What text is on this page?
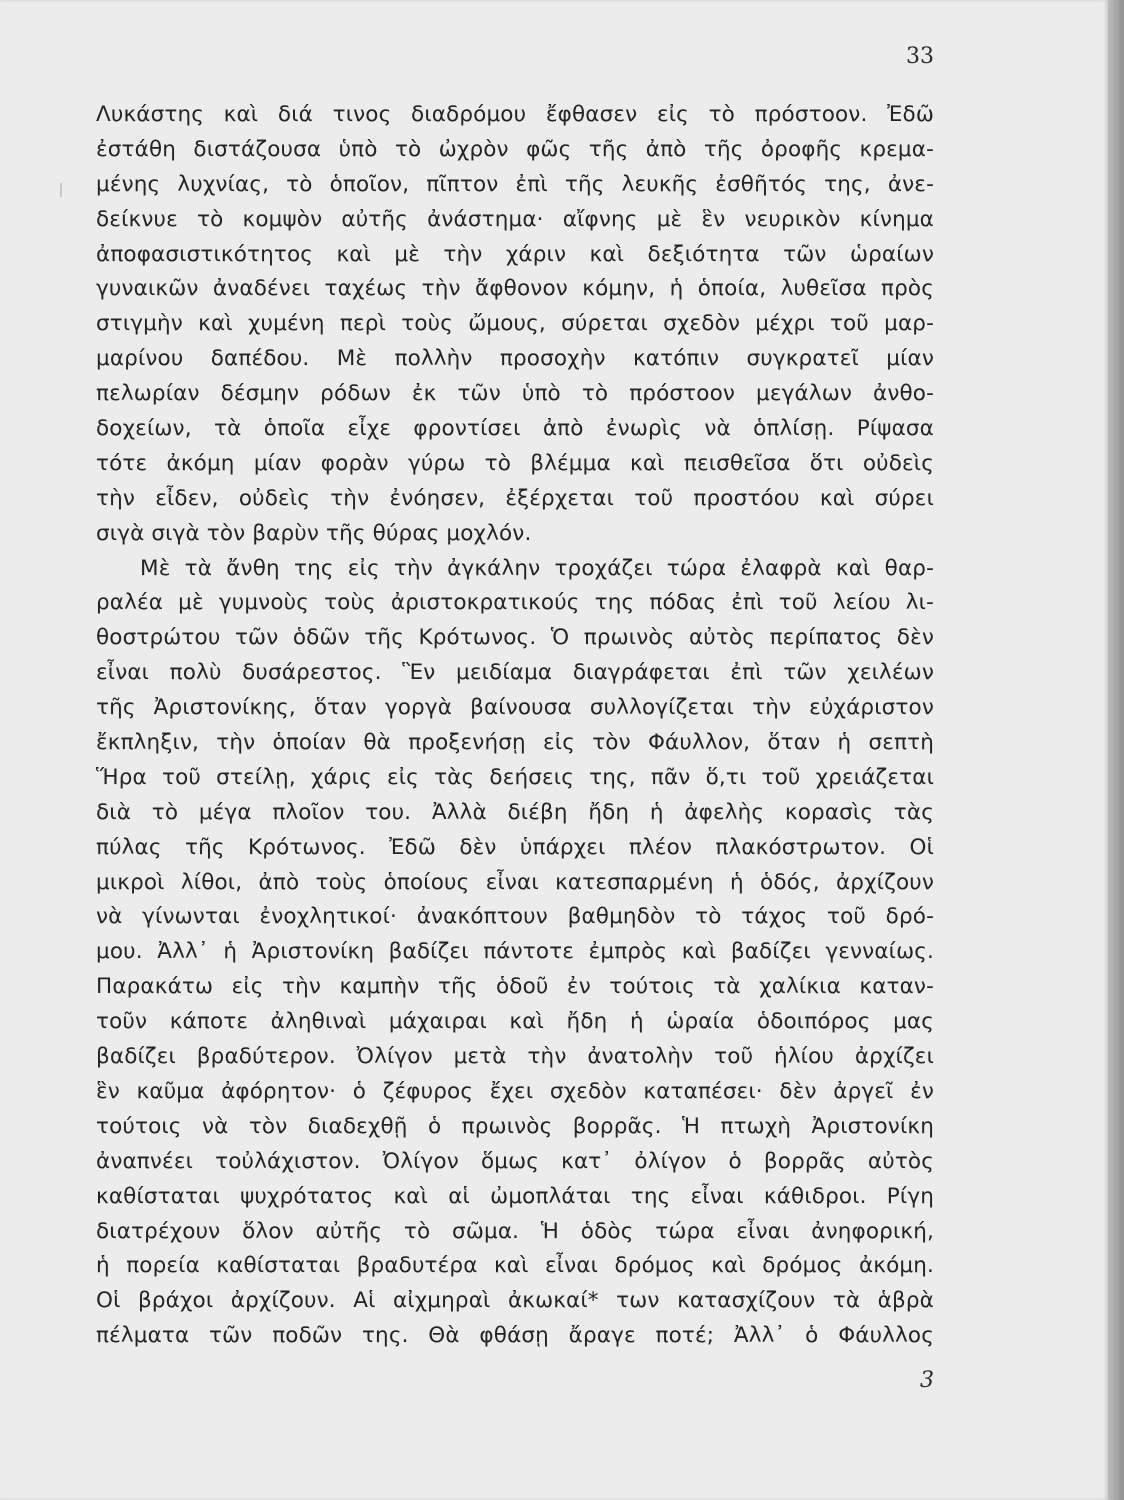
33
Λυκάστης καὶ διά τινος διαδρόμου ἔφθασεν εἰς τὸ πρόστοον. Ἐδῶ
ἐστάθη διστάζουσα ὑπὸ τὸ ὠχρὸν φῶς τῆς ἀπὸ τῆς ὀροφῆς κρεμα-
μένης λυχνίας, τὸ ὁποῖον, πῖπτον ἐπὶ τῆς λευκῆς ἐσθῆτός της, ἀνε-
δείκνυε τὸ κομψὸν αὐτῆς ἀνάστημα· αἴφνης μὲ ἓν νευρικὸν κίνημα
ἀποφασιστικότητος καὶ μὲ τὴν χάριν καὶ δεξιότητα τῶν ὡραίων
γυναικῶν ἀναδένει ταχέως τὴν ἄφθονον κόμην, ἡ ὁποία, λυθεῖσα πρὸς
στιγμὴν καὶ χυμένη περὶ τοὺς ὤμους, σύρεται σχεδὸν μέχρι τοῦ μαρ-
μαρίνου δαπέδου. Μὲ πολλὴν προσοχὴν κατόπιν συγκρατεῖ μίαν
πελωρίαν δέσμην ρόδων ἐκ τῶν ὑπὸ τὸ πρόστοον μεγάλων ἀνθο-
δοχείων, τὰ ὁποῖα εἶχε φροντίσει ἀπὸ ἐνωρὶς νὰ ὁπλίσῃ. Ρίψασα
τότε ἀκόμη μίαν φορὰν γύρω τὸ βλέμμα καὶ πεισθεῖσα ὅτι οὐδεὶς
τὴν εἶδεν, οὐδεὶς τὴν ἐνόησεν, ἐξέρχεται τοῦ προστόου καὶ σύρει
σιγὰ σιγὰ τὸν βαρὺν τῆς θύρας μοχλόν.
Μὲ τὰ ἄνθη της εἰς τὴν ἀγκάλην τροχάζει τώρα ἐλαφρὰ καὶ θαρ-
ραλέα μὲ γυμνοὺς τοὺς ἀριστοκρατικούς της πόδας ἐπὶ τοῦ λείου λι-
θοστρώτου τῶν ὁδῶν τῆς Κρότωνος. Ὁ πρωινὸς αὐτὸς περίπατος δὲν
εἶναι πολὺ δυσάρεστος. Ἓν μειδίαμα διαγράφεται ἐπὶ τῶν χειλέων
τῆς Ἀριστονίκης, ὅταν γοργὰ βαίνουσα συλλογίζεται τὴν εὐχάριστον
ἔκπληξιν, τὴν ὁποίαν θὰ προξενήσῃ εἰς τὸν Φάυλλον, ὅταν ἡ σεπτὴ
Ἥρα τοῦ στείλῃ, χάρις εἰς τὰς δεήσεις της, πᾶν ὅ,τι τοῦ χρειάζεται
διὰ τὸ μέγα πλοῖον του. Ἀλλὰ διέβη ἤδη ἡ ἀφελὴς κορασὶς τὰς
πύλας τῆς Κρότωνος. Ἐδῶ δὲν ὑπάρχει πλέον πλακόστρωτον. Οἱ
μικροὶ λίθοι, ἀπὸ τοὺς ὁποίους εἶναι κατεσπαρμένη ἡ ὁδός, ἀρχίζουν
νὰ γίνωνται ἐνοχλητικοί· ἀνακόπτουν βαθμηδὸν τὸ τάχος τοῦ δρό-
μου. Ἀλλ᾽ ἡ Ἀριστονίκη βαδίζει πάντοτε ἐμπρὸς καὶ βαδίζει γενναίως.
Παρακάτω εἰς τὴν καμπὴν τῆς ὁδοῦ ἐν τούτοις τὰ χαλίκια καταν-
τοῦν κάποτε ἀληθιναὶ μάχαιραι καὶ ἤδη ἡ ὡραία ὁδοιπόρος μας
βαδίζει βραδύτερον. Ὀλίγον μετὰ τὴν ἀνατολὴν τοῦ ἡλίου ἀρχίζει
ἓν καῦμα ἀφόρητον· ὁ ζέφυρος ἔχει σχεδὸν καταπέσει· δὲν ἀργεῖ ἐν
τούτοις νὰ τὸν διαδεχθῇ ὁ πρωινὸς βορρᾶς. Ἡ πτωχὴ Ἀριστονίκη
ἀναπνέει τοὐλάχιστον. Ὀλίγον ὅμως κατ᾽ ὀλίγον ὁ βορρᾶς αὐτὸς
καθίσταται ψυχρότατος καὶ αἱ ὠμοπλάται της εἶναι κάθιδροι. Ρίγη
διατρέχουν ὅλον αὐτῆς τὸ σῶμα. Ἡ ὁδὸς τώρα εἶναι ἀνηφορική,
ἡ πορεία καθίσταται βραδυτέρα καὶ εἶναι δρόμος καὶ δρόμος ἀκόμη.
Οἱ βράχοι ἀρχίζουν. Αἱ αἰχμηραὶ ἀκωκαί* των κατασχίζουν τὰ ἁβρὰ
πέλματα τῶν ποδῶν της. Θὰ φθάσῃ ἄραγε ποτέ; Ἀλλ᾽ ὁ Φάυλλος
3
